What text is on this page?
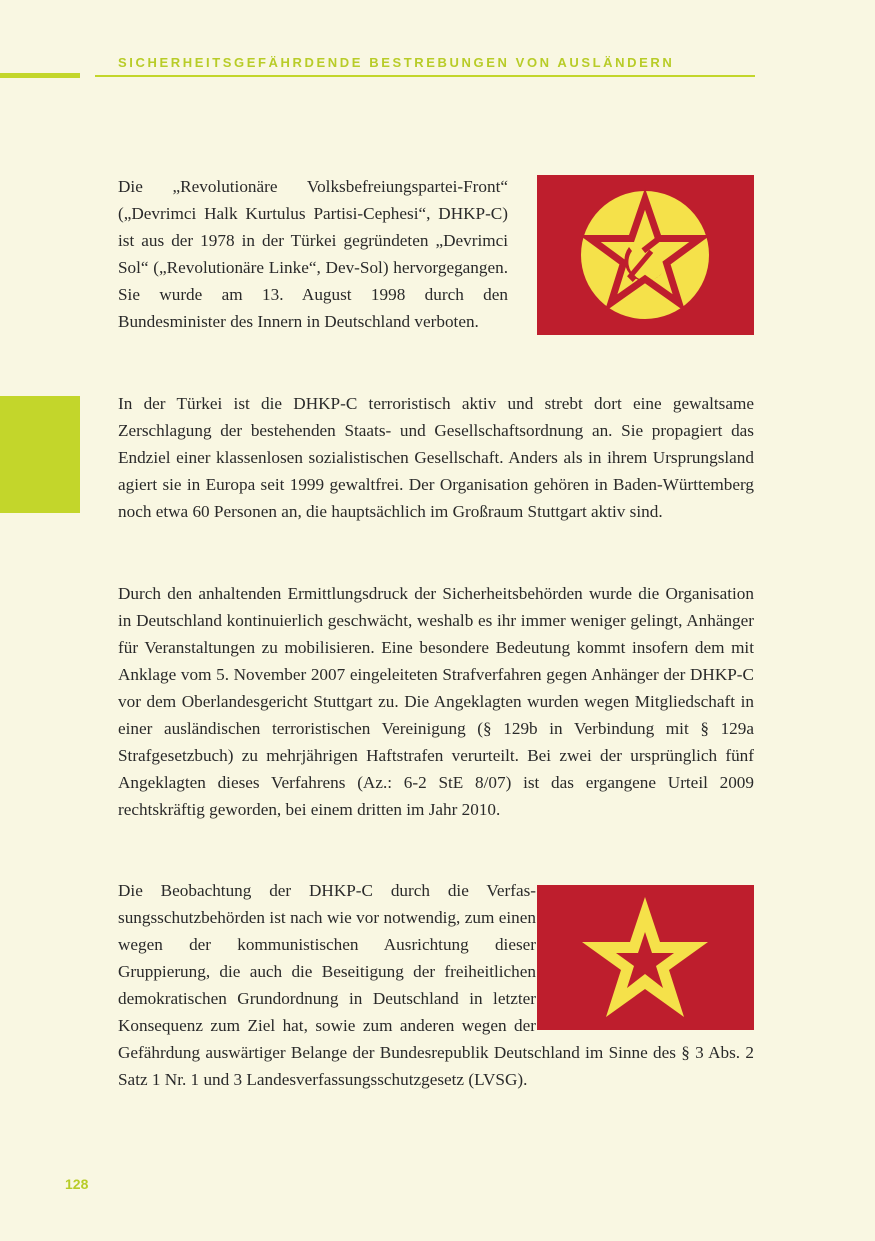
SICHERHEITSGEFÄHRDENDE BESTREBUNGEN VON AUSLÄNDERN

Die „Revolutionäre Volksbefreiungspartei-Front“ („Devrimci Halk Kurtulus Partisi-Cephesi“, DHKP-C) ist aus der 1978 in der Türkei gegründeten „Devrimci Sol“ („Revolutionäre Linke“, Dev-Sol) hervorgegangen. Sie wurde am 13. August 1998 durch den Bundesminister des Innern in Deutschland verboten.

In der Türkei ist die DHKP-C terroristisch aktiv und strebt dort eine gewaltsame Zerschlagung der bestehenden Staats- und Gesellschaftsordnung an. Sie propagiert das Endziel einer klassenlosen sozialistischen Gesellschaft. Anders als in ihrem Ursprungsland agiert sie in Europa seit 1999 gewaltfrei. Der Organisation gehören in Baden-Württemberg noch etwa 60 Personen an, die hauptsächlich im Großraum Stuttgart aktiv sind.

Durch den anhaltenden Ermittlungsdruck der Sicherheitsbehörden wurde die Organisation in Deutschland kontinuierlich geschwächt, weshalb es ihr immer weniger gelingt, Anhänger für Veranstaltungen zu mobilisieren. Eine besondere Bedeutung kommt insofern dem mit Anklage vom 5. November 2007 eingeleiteten Strafverfahren gegen Anhänger der DHKP-C vor dem Oberlandesgericht Stuttgart zu. Die Angeklagten wurden wegen Mitgliedschaft in einer ausländischen terroristischen Vereinigung (§ 129b in Verbindung mit § 129a Strafgesetzbuch) zu mehrjährigen Haftstrafen verurteilt. Bei zwei der ursprünglich fünf Angeklagten dieses Verfahrens (Az.: 6-2 StE 8/07) ist das ergangene Urteil 2009 rechtskräftig geworden, bei einem dritten im Jahr 2010.

Die Beobachtung der DHKP-C durch die Verfassungsschutzbehörden ist nach wie vor notwendig, zum einen wegen der kommunistischen Ausrichtung dieser Gruppierung, die auch die Beseitigung der freiheitlichen demokratischen Grundordnung in Deutschland in letzter Konsequenz zum Ziel hat, sowie zum anderen wegen der Gefährdung auswärtiger Belange der Bundesrepublik Deutschland im Sinne des § 3 Abs. 2 Satz 1 Nr. 1 und 3 Landesverfassungsschutzgesetz (LVSG).

128
